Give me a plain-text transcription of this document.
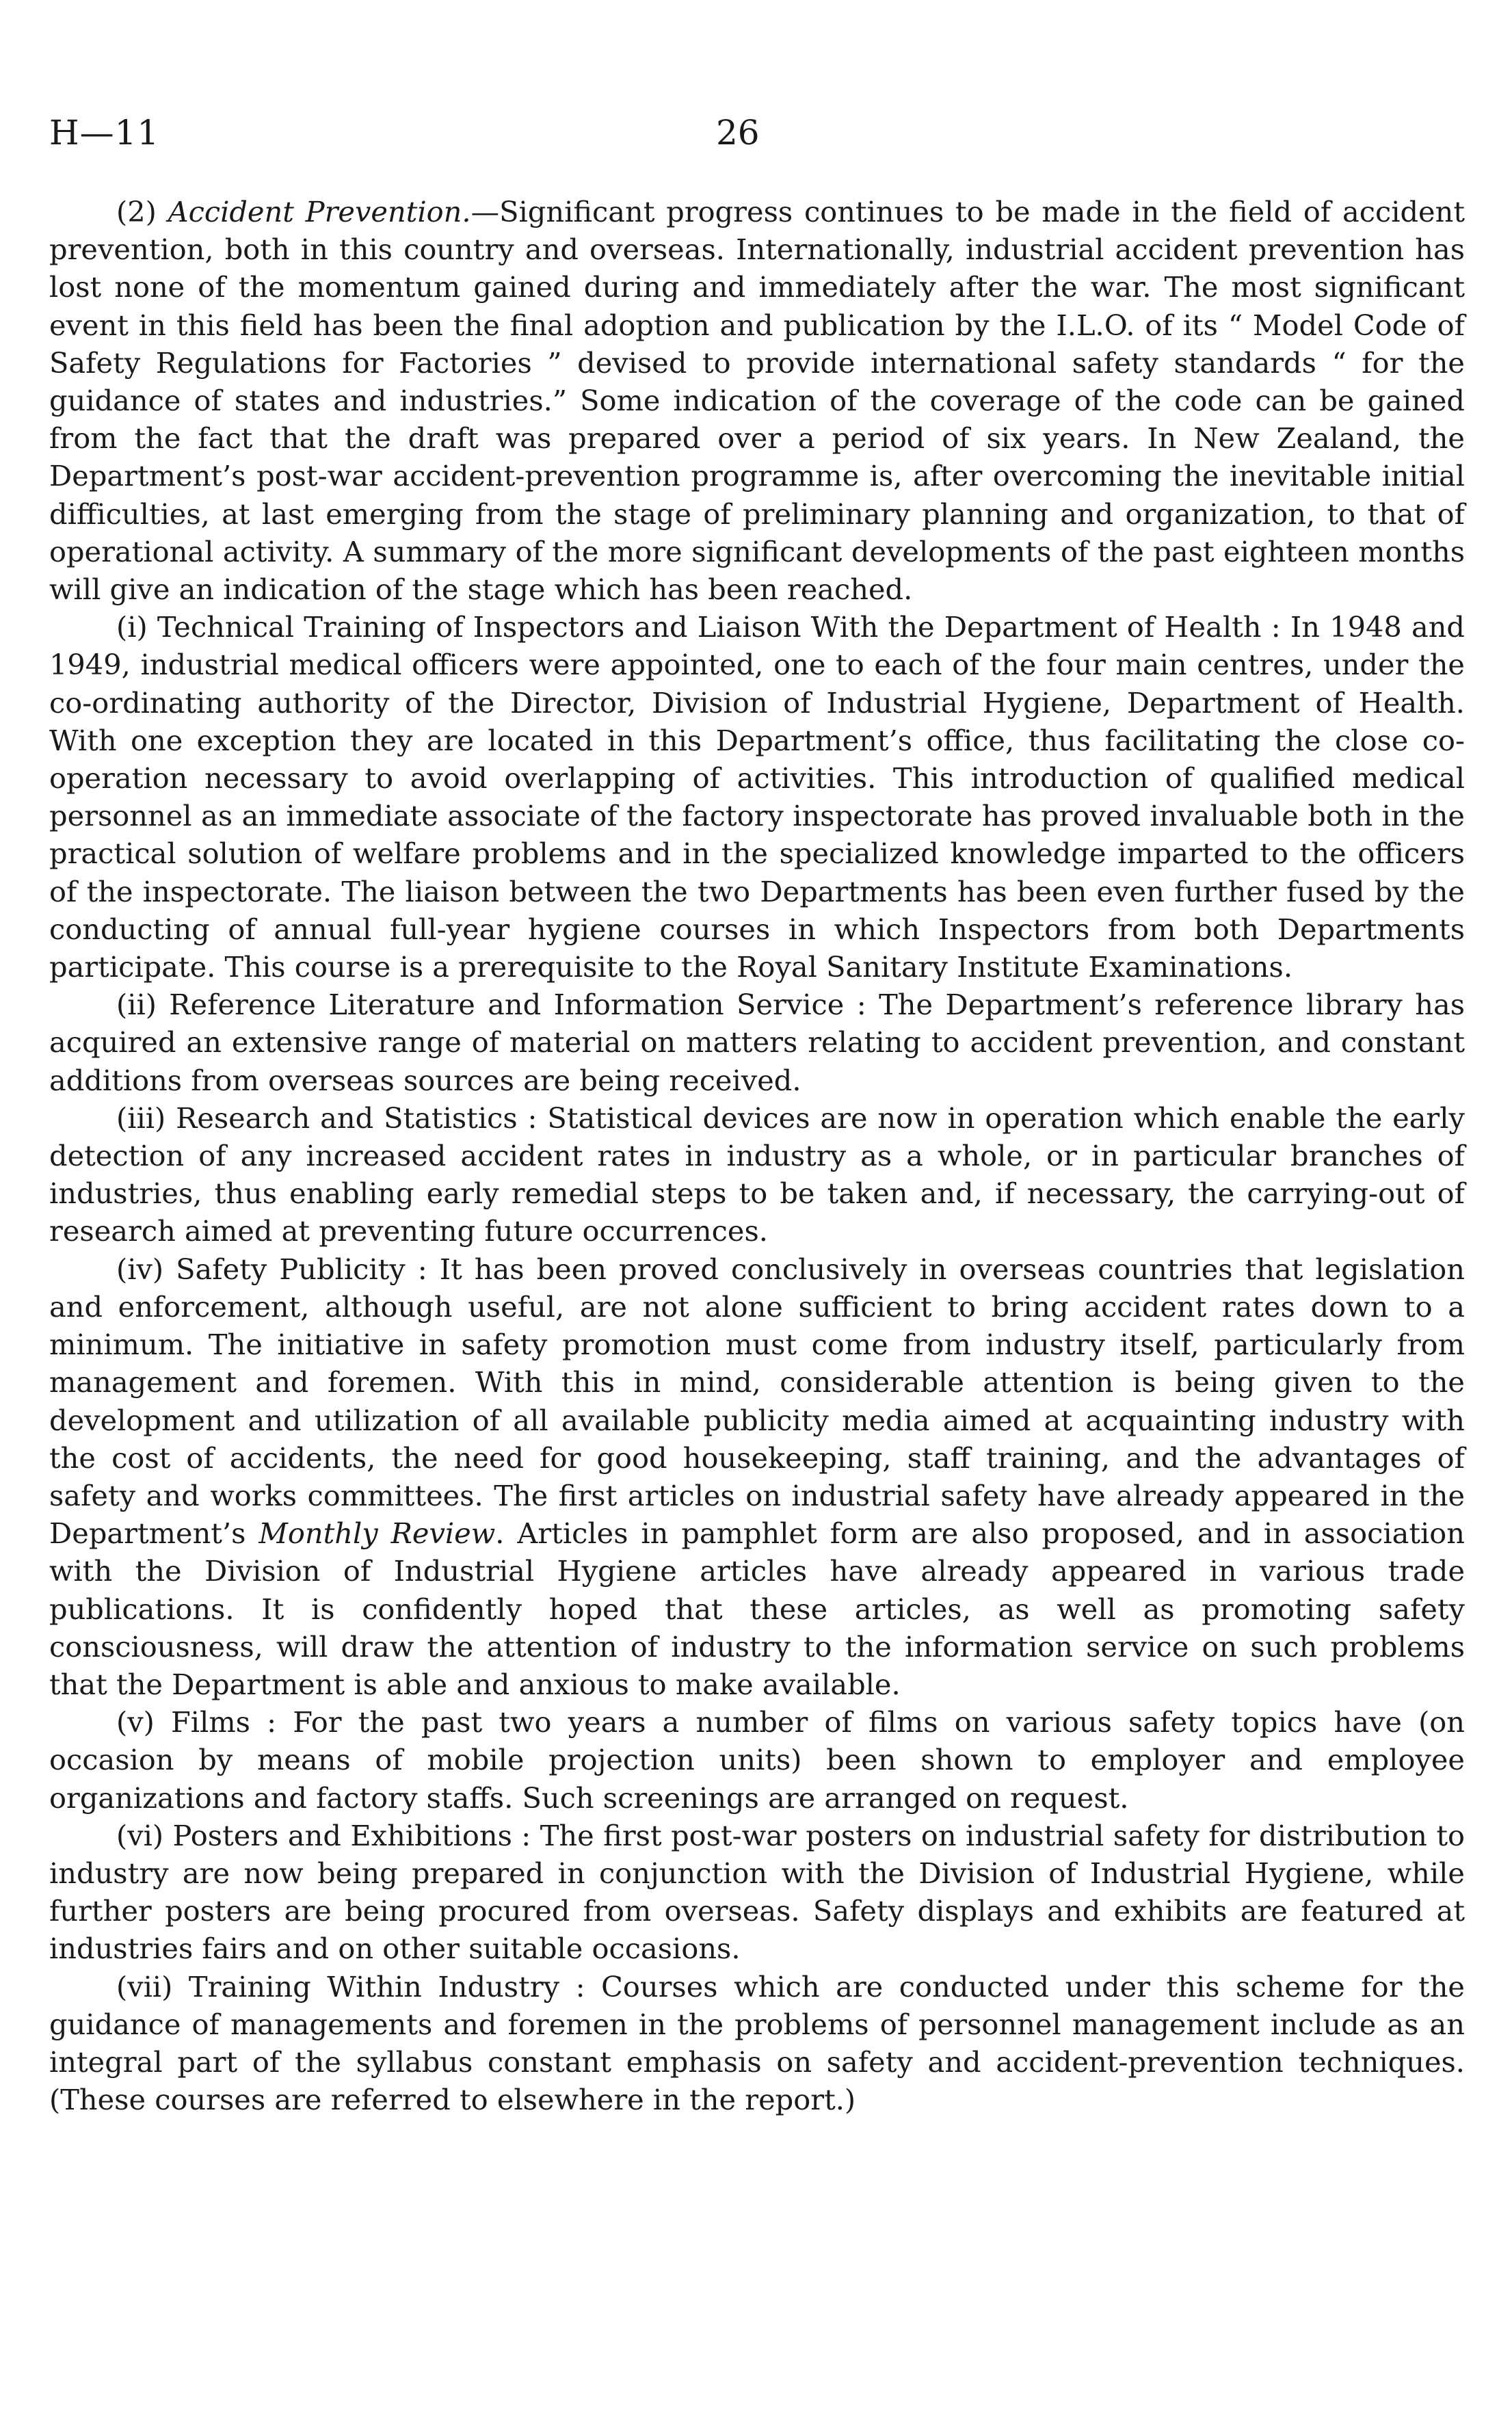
H—11	26

(2) Accident Prevention.—Significant progress continues to be made in the field of accident prevention, both in this country and overseas. Internationally, industrial accident prevention has lost none of the momentum gained during and immediately after the war. The most significant event in this field has been the final adoption and publication by the I.L.O. of its “ Model Code of Safety Regulations for Factories ” devised to provide international safety standards “ for the guidance of states and industries.” Some indication of the coverage of the code can be gained from the fact that the draft was prepared over a period of six years. In New Zealand, the Department’s post-war accident-prevention programme is, after overcoming the inevitable initial difficulties, at last emerging from the stage of preliminary planning and organization, to that of operational activity. A summary of the more significant developments of the past eighteen months will give an indication of the stage which has been reached.

(i) Technical Training of Inspectors and Liaison With the Department of Health : In 1948 and 1949, industrial medical officers were appointed, one to each of the four main centres, under the co-ordinating authority of the Director, Division of Industrial Hygiene, Department of Health. With one exception they are located in this Department’s office, thus facilitating the close co-operation necessary to avoid overlapping of activities. This introduction of qualified medical personnel as an immediate associate of the factory inspectorate has proved invaluable both in the practical solution of welfare problems and in the specialized knowledge imparted to the officers of the inspectorate. The liaison between the two Departments has been even further fused by the conducting of annual full-year hygiene courses in which Inspectors from both Departments participate. This course is a prerequisite to the Royal Sanitary Institute Examinations.

(ii) Reference Literature and Information Service : The Department’s reference library has acquired an extensive range of material on matters relating to accident prevention, and constant additions from overseas sources are being received.

(iii) Research and Statistics : Statistical devices are now in operation which enable the early detection of any increased accident rates in industry as a whole, or in particular branches of industries, thus enabling early remedial steps to be taken and, if necessary, the carrying-out of research aimed at preventing future occurrences.

(iv) Safety Publicity : It has been proved conclusively in overseas countries that legislation and enforcement, although useful, are not alone sufficient to bring accident rates down to a minimum. The initiative in safety promotion must come from industry itself, particularly from management and foremen. With this in mind, considerable attention is being given to the development and utilization of all available publicity media aimed at acquainting industry with the cost of accidents, the need for good housekeeping, staff training, and the advantages of safety and works committees. The first articles on industrial safety have already appeared in the Department’s Monthly Review. Articles in pamphlet form are also proposed, and in association with the Division of Industrial Hygiene articles have already appeared in various trade publications. It is confidently hoped that these articles, as well as promoting safety consciousness, will draw the attention of industry to the information service on such problems that the Department is able and anxious to make available.

(v) Films : For the past two years a number of films on various safety topics have (on occasion by means of mobile projection units) been shown to employer and employee organizations and factory staffs. Such screenings are arranged on request.

(vi) Posters and Exhibitions : The first post-war posters on industrial safety for distribution to industry are now being prepared in conjunction with the Division of Industrial Hygiene, while further posters are being procured from overseas. Safety displays and exhibits are featured at industries fairs and on other suitable occasions.

(vii) Training Within Industry : Courses which are conducted under this scheme for the guidance of managements and foremen in the problems of personnel management include as an integral part of the syllabus constant emphasis on safety and accident-prevention techniques. (These courses are referred to elsewhere in the report.)
